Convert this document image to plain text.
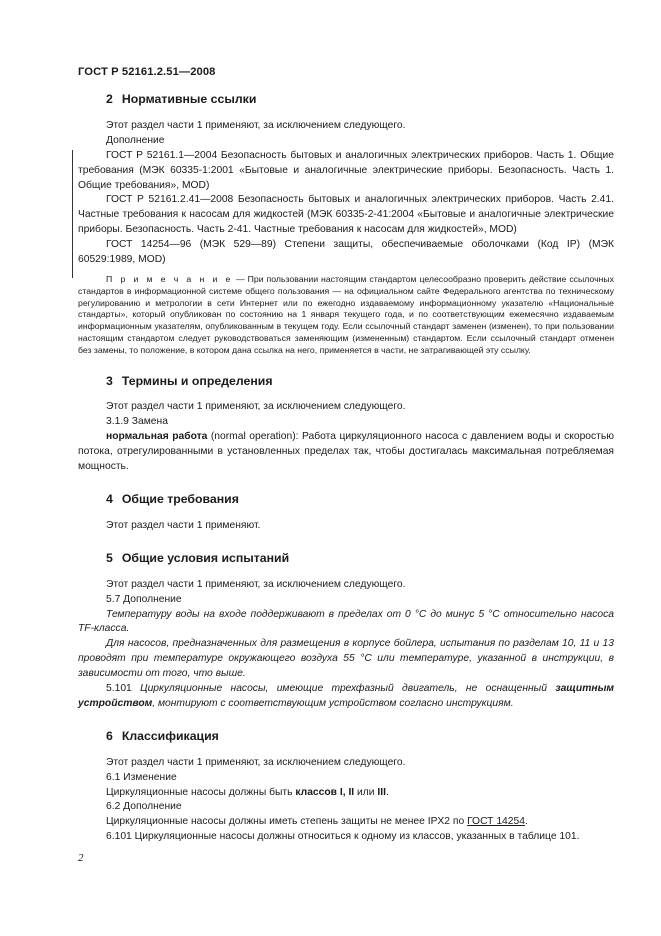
ГОСТ Р 52161.2.51—2008
2 Нормативные ссылки
Этот раздел части 1 применяют, за исключением следующего.
Дополнение
ГОСТ Р 52161.1—2004 Безопасность бытовых и аналогичных электрических приборов. Часть 1. Общие требования (МЭК 60335-1:2001 «Бытовые и аналогичные электрические приборы. Безопасность. Часть 1. Общие требования», MOD)
ГОСТ Р 52161.2.41—2008 Безопасность бытовых и аналогичных электрических приборов. Часть 2.41. Частные требования к насосам для жидкостей (МЭК 60335-2-41:2004 «Бытовые и аналогичные электрические приборы. Безопасность. Часть 2-41. Частные требования к насосам для жидкостей», MOD)
ГОСТ 14254—96 (МЭК 529—89) Степени защиты, обеспечиваемые оболочками (Код IP) (МЭК 60529:1989, MOD)
П р и м е ч а н и е — При пользовании настоящим стандартом целесообразно проверить действие ссылочных стандартов в информационной системе общего пользования — на официальном сайте Федерального агентства по техническому регулированию и метрологии в сети Интернет или по ежегодно издаваемому информационному указателю «Национальные стандарты», который опубликован по состоянию на 1 января текущего года, и по соответствующим ежемесячно издаваемым информационным указателям, опубликованным в текущем году. Если ссылочный стандарт заменен (изменен), то при пользовании настоящим стандартом следует руководствоваться заменяющим (измененным) стандартом. Если ссылочный стандарт отменен без замены, то положение, в котором дана ссылка на него, применяется в части, не затрагивающей эту ссылку.
3 Термины и определения
Этот раздел части 1 применяют, за исключением следующего.
3.1.9 Замена
нормальная работа (normal operation): Работа циркуляционного насоса с давлением воды и скоростью потока, отрегулированными в установленных пределах так, чтобы достигалась максимальная потребляемая мощность.
4 Общие требования
Этот раздел части 1 применяют.
5 Общие условия испытаний
Этот раздел части 1 применяют, за исключением следующего.
5.7 Дополнение
Температуру воды на входе поддерживают в пределах от 0 °С до минус 5 °С относительно насоса TF-класса.
Для насосов, предназначенных для размещения в корпусе бойлера, испытания по разделам 10, 11 и 13 проводят при температуре окружающего воздуха 55 °С или температуре, указанной в инструкции, в зависимости от того, что выше.
5.101 Циркуляционные насосы, имеющие трехфазный двигатель, не оснащенный защитным устройством, монтируют с соответствующим устройством согласно инструкциям.
6 Классификация
Этот раздел части 1 применяют, за исключением следующего.
6.1 Изменение
Циркуляционные насосы должны быть классов I, II или III.
6.2 Дополнение
Циркуляционные насосы должны иметь степень защиты не менее IPX2 по ГОСТ 14254.
6.101 Циркуляционные насосы должны относиться к одному из классов, указанных в таблице 101.
2
